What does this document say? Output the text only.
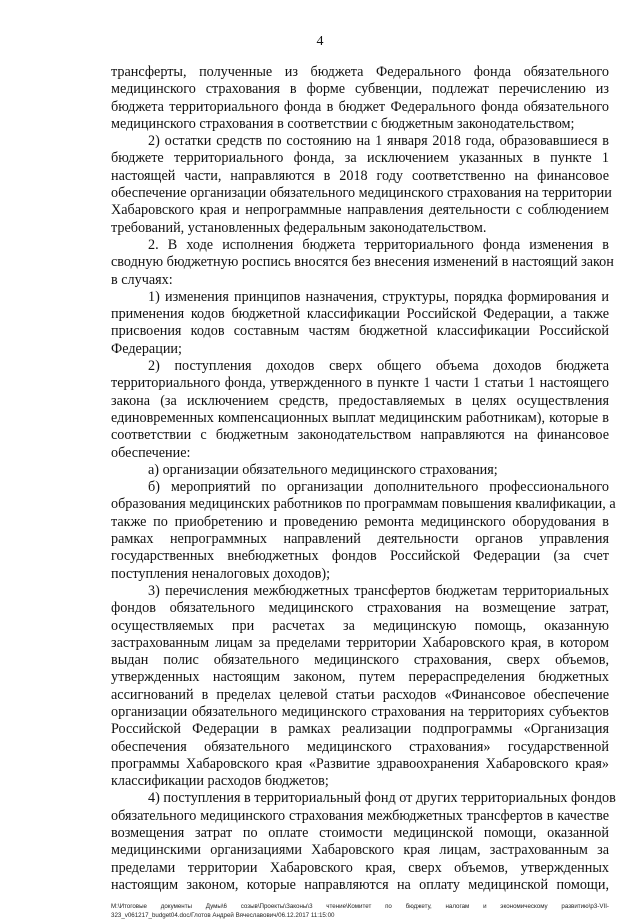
4
трансферты, полученные из бюджета Федерального фонда обязательного
медицинского страхования в форме субвенции, подлежат перечислению из
бюджета территориального фонда в бюджет Федерального фонда обязательного
медицинского страхования в соответствии с бюджетным законодательством;
2) остатки средств по состоянию на 1 января 2018 года, образовавшиеся в
бюджете территориального фонда, за исключением указанных в пункте 1
настоящей части, направляются в 2018 году соответственно на финансовое
обеспечение организации обязательного медицинского страхования на территории
Хабаровского края и непрограммные направления деятельности с соблюдением
требований, установленных федеральным законодательством.
2. В ходе исполнения бюджета территориального фонда изменения в
сводную бюджетную роспись вносятся без внесения изменений в настоящий закон
в случаях:
1) изменения принципов назначения, структуры, порядка формирования и
применения кодов бюджетной классификации Российской Федерации, а также
присвоения кодов составным частям бюджетной классификации Российской
Федерации;
2) поступления доходов сверх общего объема доходов бюджета
территориального фонда, утвержденного в пункте 1 части 1 статьи 1 настоящего
закона (за исключением средств, предоставляемых в целях осуществления
единовременных компенсационных выплат медицинским работникам), которые в
соответствии с бюджетным законодательством направляются на финансовое
обеспечение:
а) организации обязательного медицинского страхования;
б) мероприятий по организации дополнительного профессионального
образования медицинских работников по программам повышения квалификации, а
также по приобретению и проведению ремонта медицинского оборудования в
рамках непрограммных направлений деятельности органов управления
государственных внебюджетных фондов Российской Федерации (за счет
поступления неналоговых доходов);
3) перечисления межбюджетных трансфертов бюджетам территориальных
фондов обязательного медицинского страхования на возмещение затрат,
осуществляемых при расчетах за медицинскую помощь, оказанную
застрахованным лицам за пределами территории Хабаровского края, в котором
выдан полис обязательного медицинского страхования, сверх объемов,
утвержденных настоящим законом, путем перераспределения бюджетных
ассигнований в пределах целевой статьи расходов «Финансовое обеспечение
организации обязательного медицинского страхования на территориях субъектов
Российской Федерации в рамках реализации подпрограммы «Организация
обеспечения обязательного медицинского страхования» государственной
программы Хабаровского края «Развитие здравоохранения Хабаровского края»
классификации расходов бюджетов;
4) поступления в территориальный фонд от других территориальных фондов
обязательного медицинского страхования межбюджетных трансфертов в качестве
возмещения затрат по оплате стоимости медицинской помощи, оказанной
медицинскими организациями Хабаровского края лицам, застрахованным за
пределами территории Хабаровского края, сверх объемов, утвержденных
настоящим законом, которые направляются на оплату медицинской помощи,
M:\Итоговые документы Думы\6 созыв\Проекты\Законы\3 чтение\Комитет по бюджету, налогам и экономическому развитию\р3-VII-
323_v061217_budget04.doc/Глотов Андрей Вячеславович/06.12.2017 11:15:00
